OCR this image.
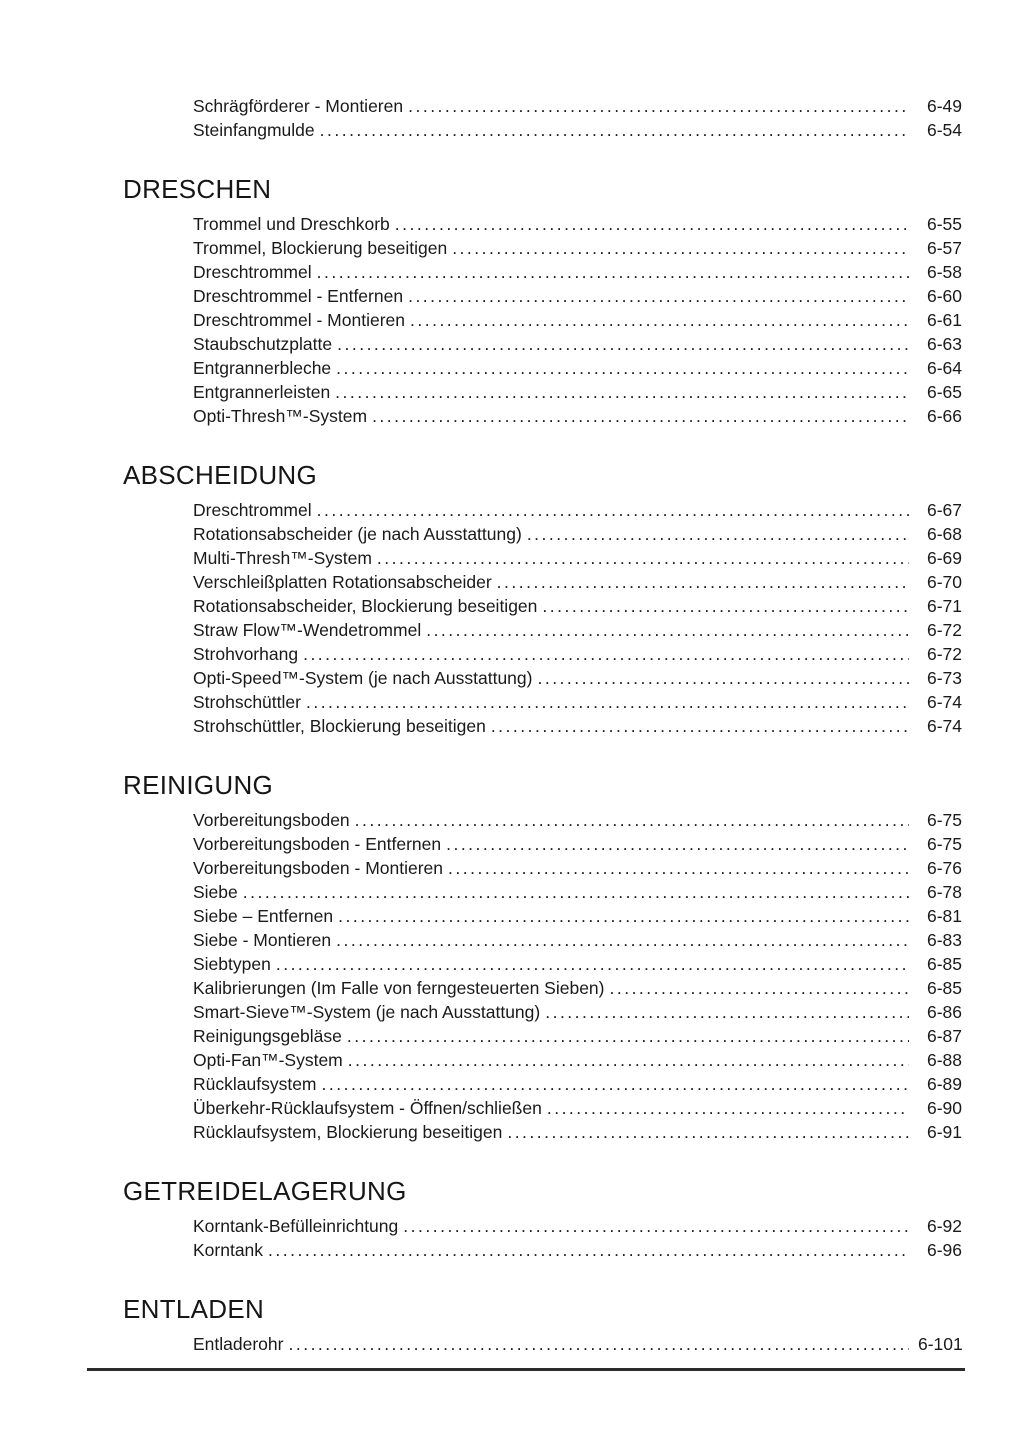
Schrägförderer - Montieren .....	6-49
Steinfangmulde .....	6-54
DRESCHEN
Trommel und Dreschkorb .....	6-55
Trommel, Blockierung beseitigen .....	6-57
Dreschtrommel .....	6-58
Dreschtrommel - Entfernen .....	6-60
Dreschtrommel - Montieren .....	6-61
Staubschutzplatte .....	6-63
Entgrannerbleche .....	6-64
Entgrannerleisten .....	6-65
Opti-Thresh™-System .....	6-66
ABSCHEIDUNG
Dreschtrommel .....	6-67
Rotationsabscheider (je nach Ausstattung) .....	6-68
Multi-Thresh™-System .....	6-69
Verschleißplatten Rotationsabscheider .....	6-70
Rotationsabscheider, Blockierung beseitigen .....	6-71
Straw Flow™-Wendetrommel .....	6-72
Strohvorhang .....	6-72
Opti-Speed™-System (je nach Ausstattung) .....	6-73
Strohschüttler .....	6-74
Strohschüttler, Blockierung beseitigen .....	6-74
REINIGUNG
Vorbereitungsboden .....	6-75
Vorbereitungsboden - Entfernen .....	6-75
Vorbereitungsboden - Montieren .....	6-76
Siebe .....	6-78
Siebe – Entfernen .....	6-81
Siebe - Montieren .....	6-83
Siebtypen .....	6-85
Kalibrierungen (Im Falle von ferngesteuerten Sieben) .....	6-85
Smart-Sieve™-System (je nach Ausstattung) .....	6-86
Reinigungsgebläse .....	6-87
Opti-Fan™-System .....	6-88
Rücklaufsystem .....	6-89
Überkehr-Rücklaufsystem - Öffnen/schließen .....	6-90
Rücklaufsystem, Blockierung beseitigen .....	6-91
GETREIDELAGERUNG
Korntank-Befülleinrichtung .....	6-92
Korntank .....	6-96
ENTLADEN
Entladerohr .....	6-101
